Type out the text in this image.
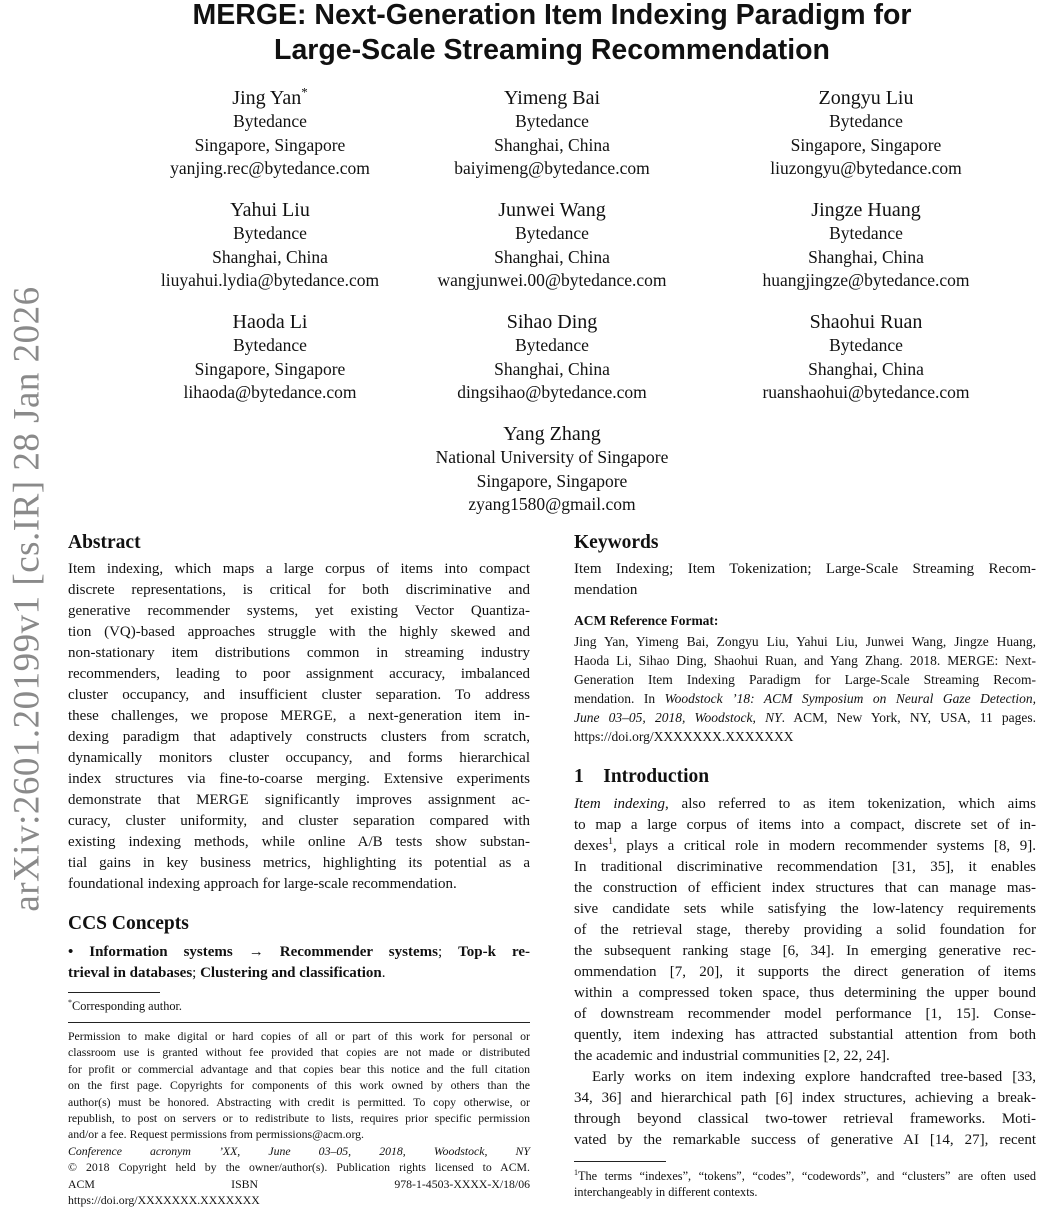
arXiv:2601.20199v1 [cs.IR] 28 Jan 2026
MERGE: Next-Generation Item Indexing Paradigm for
Large-Scale Streaming Recommendation
Jing Yan*
Bytedance
Singapore, Singapore
yanjing.rec@bytedance.com
Yimeng Bai
Bytedance
Shanghai, China
baiyimeng@bytedance.com
Zongyu Liu
Bytedance
Singapore, Singapore
liuzongyu@bytedance.com
Yahui Liu
Bytedance
Shanghai, China
liuyahui.lydia@bytedance.com
Junwei Wang
Bytedance
Shanghai, China
wangjunwei.00@bytedance.com
Jingze Huang
Bytedance
Shanghai, China
huangjingze@bytedance.com
Haoda Li
Bytedance
Singapore, Singapore
lihaoda@bytedance.com
Sihao Ding
Bytedance
Shanghai, China
dingsihao@bytedance.com
Shaohui Ruan
Bytedance
Shanghai, China
ruanshaohui@bytedance.com
Yang Zhang
National University of Singapore
Singapore, Singapore
zyang1580@gmail.com
Abstract
Item indexing, which maps a large corpus of items into compact
discrete representations, is critical for both discriminative and
generative recommender systems, yet existing Vector Quantiza-
tion (VQ)-based approaches struggle with the highly skewed and
non-stationary item distributions common in streaming industry
recommenders, leading to poor assignment accuracy, imbalanced
cluster occupancy, and insufficient cluster separation. To address
these challenges, we propose MERGE, a next-generation item in-
dexing paradigm that adaptively constructs clusters from scratch,
dynamically monitors cluster occupancy, and forms hierarchical
index structures via fine-to-coarse merging. Extensive experiments
demonstrate that MERGE significantly improves assignment ac-
curacy, cluster uniformity, and cluster separation compared with
existing indexing methods, while online A/B tests show substan-
tial gains in key business metrics, highlighting its potential as a
foundational indexing approach for large-scale recommendation.
CCS Concepts
• Information systems → Recommender systems; Top-k re-
trieval in databases; Clustering and classification.
*Corresponding author.
Permission to make digital or hard copies of all or part of this work for personal or
classroom use is granted without fee provided that copies are not made or distributed
for profit or commercial advantage and that copies bear this notice and the full citation
on the first page. Copyrights for components of this work owned by others than the
author(s) must be honored. Abstracting with credit is permitted. To copy otherwise, or
republish, to post on servers or to redistribute to lists, requires prior specific permission
and/or a fee. Request permissions from permissions@acm.org.
Conference acronym ’XX, June 03–05, 2018, Woodstock, NY
© 2018 Copyright held by the owner/author(s). Publication rights licensed to ACM.
ACM ISBN 978-1-4503-XXXX-X/18/06
https://doi.org/XXXXXXX.XXXXXXX
Keywords
Item Indexing; Item Tokenization; Large-Scale Streaming Recom-
mendation
ACM Reference Format:
Jing Yan, Yimeng Bai, Zongyu Liu, Yahui Liu, Junwei Wang, Jingze Huang,
Haoda Li, Sihao Ding, Shaohui Ruan, and Yang Zhang. 2018. MERGE: Next-
Generation Item Indexing Paradigm for Large-Scale Streaming Recom-
mendation. In Woodstock ’18: ACM Symposium on Neural Gaze Detection,
June 03–05, 2018, Woodstock, NY. ACM, New York, NY, USA, 11 pages.
https://doi.org/XXXXXXX.XXXXXXX
1    Introduction
Item indexing, also referred to as item tokenization, which aims
to map a large corpus of items into a compact, discrete set of in-
dexes$^1$, plays a critical role in modern recommender systems [8, 9].
In traditional discriminative recommendation [31, 35], it enables
the construction of efficient index structures that can manage mas-
sive candidate sets while satisfying the low-latency requirements
of the retrieval stage, thereby providing a solid foundation for
the subsequent ranking stage [6, 34]. In emerging generative rec-
ommendation [7, 20], it supports the direct generation of items
within a compressed token space, thus determining the upper bound
of downstream recommender model performance [1, 15]. Conse-
quently, item indexing has attracted substantial attention from both
the academic and industrial communities [2, 22, 24].
Early works on item indexing explore handcrafted tree-based [33,
34, 36] and hierarchical path [6] index structures, achieving a break-
through beyond classical two-tower retrieval frameworks. Moti-
vated by the remarkable success of generative AI [14, 27], recent
$^1$The terms “indexes”, “tokens”, “codes”, “codewords”, and “clusters” are often used
interchangeably in different contexts.
